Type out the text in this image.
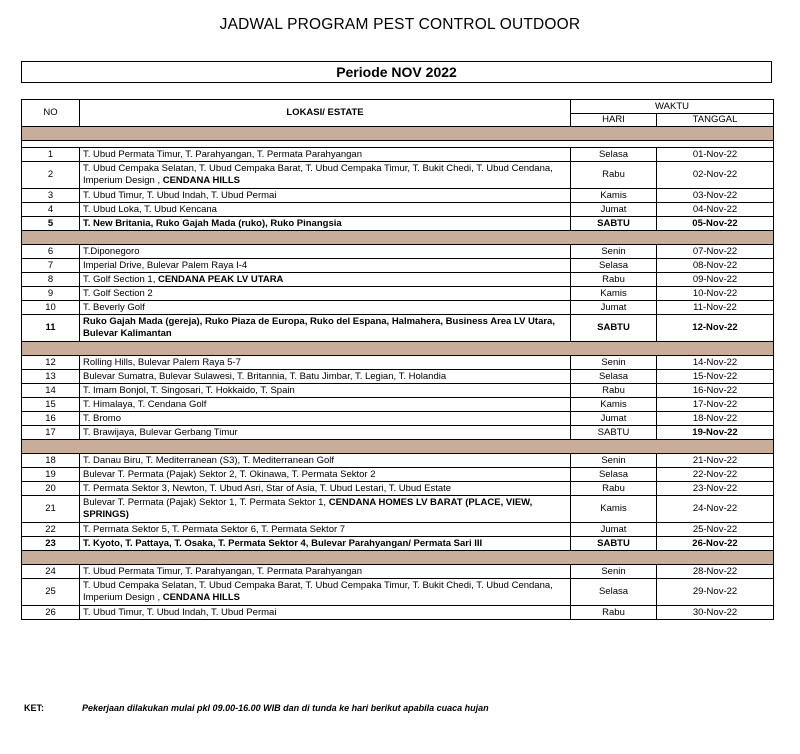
JADWAL PROGRAM PEST CONTROL OUTDOOR
Periode NOV 2022
NO	LOKASI/ ESTATE	WAKTU	
		HARI	TANGGAL

1	T. Ubud Permata Timur, T. Parahyangan, T. Permata Parahyangan	Selasa	01-Nov-22
2	T. Ubud Cempaka Selatan, T. Ubud Cempaka Barat, T. Ubud Cempaka Timur, T. Bukit Chedi, T. Ubud Cendana, Imperium Design , CENDANA HILLS	Rabu	02-Nov-22
3	T. Ubud Timur, T. Ubud Indah, T. Ubud Permai	Kamis	03-Nov-22
4	T. Ubud Loka, T. Ubud Kencana	Jumat	04-Nov-22
5	T. New Britania, Ruko Gajah Mada (ruko), Ruko Pinangsia	SABTU	05-Nov-22

6	T.Diponegoro	Senin	07-Nov-22
7	Imperial Drive, Bulevar Palem Raya I-4	Selasa	08-Nov-22
8	T. Golf Section 1, CENDANA PEAK LV UTARA	Rabu	09-Nov-22
9	T. Golf Section 2	Kamis	10-Nov-22
10	T. Beverly Golf	Jumat	11-Nov-22
11	Ruko Gajah Mada (gereja), Ruko Piaza de Europa, Ruko del Espana, Halmahera, Business Area LV Utara, Bulevar Kalimantan	SABTU	12-Nov-22

12	Rolling Hills, Bulevar Palem Raya 5-7	Senin	14-Nov-22
13	Bulevar Sumatra, Bulevar Sulawesi, T. Britannia, T. Batu Jimbar, T. Legian, T. Holandia	Selasa	15-Nov-22
14	T. Imam Bonjol, T. Singosari, T. Hokkaido, T. Spain	Rabu	16-Nov-22
15	T. Himalaya, T. Cendana Golf	Kamis	17-Nov-22
16	T. Bromo	Jumat	18-Nov-22
17	T. Brawijaya, Bulevar Gerbang Timur	SABTU	19-Nov-22

18	T. Danau Biru, T. Mediterranean (S3), T. Mediterranean Golf	Senin	21-Nov-22
19	Bulevar T. Permata (Pajak) Sektor 2, T. Okinawa, T. Permata Sektor 2	Selasa	22-Nov-22
20	T. Permata Sektor 3, Newton, T. Ubud Asri, Star of Asia, T. Ubud Lestari, T. Ubud Estate	Rabu	23-Nov-22
21	Bulevar T. Permata (Pajak) Sektor 1, T. Permata Sektor 1, CENDANA HOMES LV BARAT (PLACE, VIEW, SPRINGS)	Kamis	24-Nov-22
22	T. Permata Sektor 5, T. Permata Sektor 6, T. Permata Sektor 7	Jumat	25-Nov-22
23	T. Kyoto, T. Pattaya, T. Osaka, T. Permata Sektor 4, Bulevar Parahyangan/ Permata Sari III	SABTU	26-Nov-22

24	T. Ubud Permata Timur, T. Parahyangan, T. Permata Parahyangan	Senin	28-Nov-22
25	T. Ubud Cempaka Selatan, T. Ubud Cempaka Barat, T. Ubud Cempaka Timur, T. Bukit Chedi, T. Ubud Cendana, Imperium Design , CENDANA HILLS	Selasa	29-Nov-22
26	T. Ubud Timur, T. Ubud Indah, T. Ubud Permai	Rabu	30-Nov-22
KET:	Pekerjaan dilakukan mulai pkl 09.00-16.00 WIB dan di tunda ke hari berikut apabila cuaca hujan
